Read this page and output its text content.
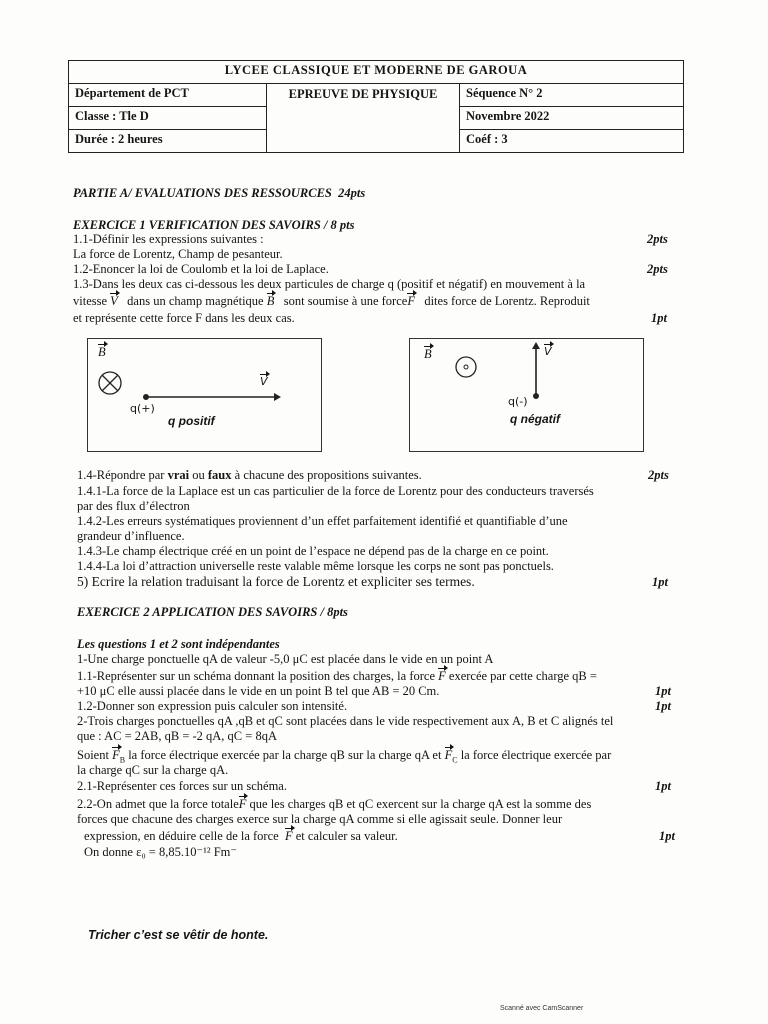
LYCEE CLASSIQUE ET MODERNE DE GAROUA		
Département de PCT	EPREUVE DE PHYSIQUE	Séquence N° 2
Classe : Tle D		Novembre 2022
Durée : 2 heures		Coéf : 3
PARTIE A/ EVALUATIONS DES RESSOURCES 24pts
EXERCICE 1 VERIFICATION DES SAVOIRS / 8 pts
1.1-Définir les expressions suivantes :	2pts
La force de Lorentz, Champ de pesanteur.
1.2-Enoncer la loi de Coulomb et la loi de Laplace.	2pts
1.3-Dans les deux cas ci-dessous les deux particules de charge q (positif et négatif) en mouvement à la
vitesse V dans un champ magnétique B sont soumise à une forceF dites force de Lorentz. Reproduit
et représente cette force F dans les deux cas.	1pt
B
V
q(+)
q positif
B	V
q(-)
q négatif
1.4-Répondre par vrai ou faux à chacune des propositions suivantes.	2pts
1.4.1-La force de la Laplace est un cas particulier de la force de Lorentz pour des conducteurs traversés
par des flux d’électron
1.4.2-Les erreurs systématiques proviennent d’un effet parfaitement identifié et quantifiable d’une
grandeur d’influence.
1.4.3-Le champ électrique créé en un point de l’espace ne dépend pas de la charge en ce point.
1.4.4-La loi d’attraction universelle reste valable même lorsque les corps ne sont pas ponctuels.
5) Ecrire la relation traduisant la force de Lorentz et expliciter ses termes.	1pt
EXERCICE 2 APPLICATION DES SAVOIRS / 8pts
Les questions 1 et 2 sont indépendantes
1-Une charge ponctuelle qA de valeur -5,0 μC est placée dans le vide en un point A
1.1-Représenter sur un schéma donnant la position des charges, la force F exercée par cette charge qB =
+10 μC elle aussi placée dans le vide en un point B tel que AB = 20 Cm.	1pt
1.2-Donner son expression puis calculer son intensité.	1pt
2-Trois charges ponctuelles qA ,qB et qC sont placées dans le vide respectivement aux A, B et C alignés tel
que : AC = 2AB, qB = -2 qA, qC = 8qA
Soient $F_B$ la force électrique exercée par la charge qB sur la charge qA et $F_C$ la force électrique exercée par
la charge qC sur la charge qA.
2.1-Représenter ces forces sur un schéma.	1pt
2.2-On admet que la force totaleF que les charges qB et qC exercent sur la charge qA est la somme des
forces que chacune des charges exerce sur la charge qA comme si elle agissait seule. Donner leur
expression, en déduire celle de la force F et calculer sa valeur.	1pt
On donne ε₀ = 8,85.10⁻¹² Fm⁻
Tricher c’est se vêtir de honte.
Scanné avec CamScanner
